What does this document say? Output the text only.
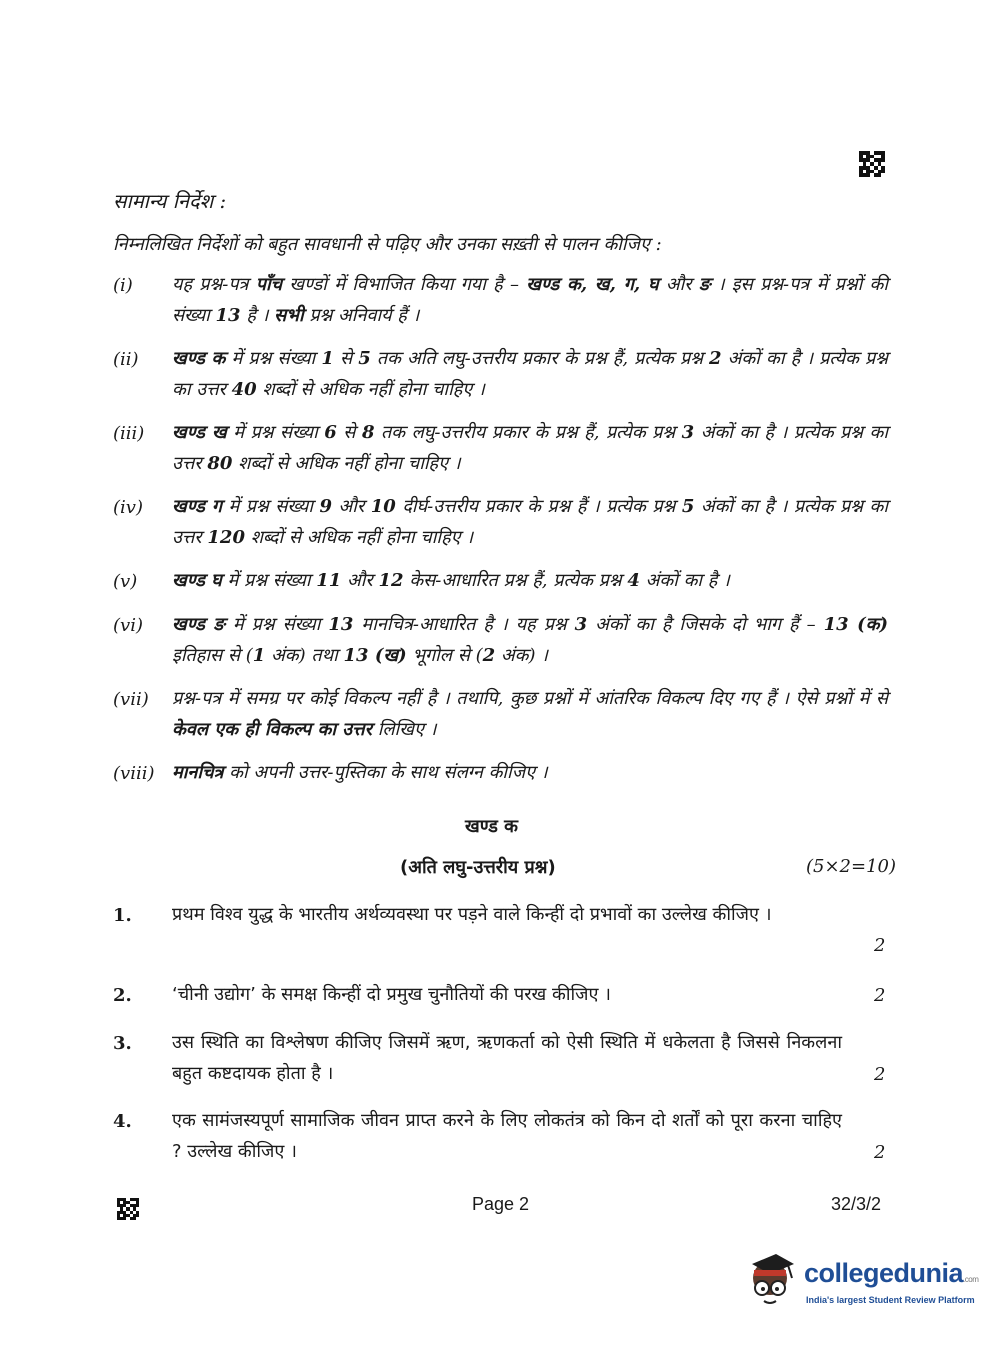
सामान्य निर्देश :
निम्नलिखित निर्देशों को बहुत सावधानी से पढ़िए और उनका सख़्ती से पालन कीजिए :
(i) यह प्रश्न-पत्र पाँच खण्डों में विभाजित किया गया है – खण्ड क, ख, ग, घ और ङ । इस प्रश्न-पत्र में प्रश्नों की संख्या 13 है । सभी प्रश्न अनिवार्य हैं ।
(ii) खण्ड क में प्रश्न संख्या 1 से 5 तक अति लघु-उत्तरीय प्रकार के प्रश्न हैं, प्रत्येक प्रश्न 2 अंकों का है । प्रत्येक प्रश्न का उत्तर 40 शब्दों से अधिक नहीं होना चाहिए ।
(iii) खण्ड ख में प्रश्न संख्या 6 से 8 तक लघु-उत्तरीय प्रकार के प्रश्न हैं, प्रत्येक प्रश्न 3 अंकों का है । प्रत्येक प्रश्न का उत्तर 80 शब्दों से अधिक नहीं होना चाहिए ।
(iv) खण्ड ग में प्रश्न संख्या 9 और 10 दीर्घ-उत्तरीय प्रकार के प्रश्न हैं । प्रत्येक प्रश्न 5 अंकों का है । प्रत्येक प्रश्न का उत्तर 120 शब्दों से अधिक नहीं होना चाहिए ।
(v) खण्ड घ में प्रश्न संख्या 11 और 12 केस-आधारित प्रश्न हैं, प्रत्येक प्रश्न 4 अंकों का है ।
(vi) खण्ड ङ में प्रश्न संख्या 13 मानचित्र-आधारित है । यह प्रश्न 3 अंकों का है जिसके दो भाग हैं – 13 (क) इतिहास से (1 अंक) तथा 13 (ख) भूगोल से (2 अंक) ।
(vii) प्रश्न-पत्र में समग्र पर कोई विकल्प नहीं है । तथापि, कुछ प्रश्नों में आंतरिक विकल्प दिए गए हैं । ऐसे प्रश्नों में से केवल एक ही विकल्प का उत्तर लिखिए ।
(viii) मानचित्र को अपनी उत्तर-पुस्तिका के साथ संलग्न कीजिए ।
खण्ड क
(अति लघु-उत्तरीय प्रश्न)	(5×2=10)
1. प्रथम विश्व युद्ध के भारतीय अर्थव्यवस्था पर पड़ने वाले किन्हीं दो प्रभावों का उल्लेख कीजिए ।
2
2. ‘चीनी उद्योग’ के समक्ष किन्हीं दो प्रमुख चुनौतियों की परख कीजिए ।	2
3. उस स्थिति का विश्लेषण कीजिए जिसमें ऋण, ऋणकर्ता को ऐसी स्थिति में धकेलता है जिससे निकलना बहुत कष्टदायक होता है ।	2
4. एक सामंजस्यपूर्ण सामाजिक जीवन प्राप्त करने के लिए लोकतंत्र को किन दो शर्तों को पूरा करना चाहिए ? उल्लेख कीजिए ।	2
Page 2	32/3/2
collegedunia.com
India's largest Student Review Platform
